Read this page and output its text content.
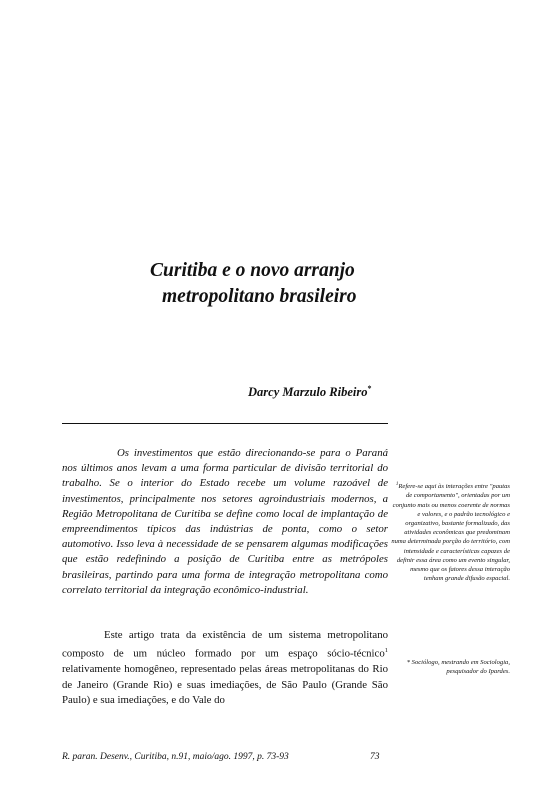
Curitiba e o novo arranjo
metropolitano brasileiro
Darcy Marzulo Ribeiro*

Os investimentos que estão direcionando-se para o Paraná nos últimos anos levam a uma forma particular de divisão territorial do trabalho. Se o interior do Estado recebe um volume razoável de investimentos, principalmente nos setores agroindustriais modernos, a Região Metropolitana de Curitiba se define como local de implantação de empreendimentos típicos das indústrias de ponta, como o setor automotivo. Isso leva à necessidade de se pensarem algumas modificações que estão redefinindo a posição de Curitiba entre as metrópoles brasileiras, partindo para uma forma de integração metropolitana como correlato territorial da integração econômico-industrial.

Este artigo trata da existência de um sistema metropolitano composto de um núcleo formado por um espaço sócio-técnico$^1$ relativamente homogêneo, representado pelas áreas metropolitanas do Rio de Janeiro (Grande Rio) e suas imediações, de São Paulo (Grande São Paulo) e sua imediações, e do Vale do

$^1$Refere-se aqui às interações entre "pautas de comportamento", orientadas por um conjunto mais ou menos coerente de normas e valores, e o padrão tecnológico e organizativo, bastante formalizado, das atividades econômicas que predominam numa determinada porção do território, com intensidade e características capazes de definir essa área como um evento singular, mesmo que os fatores dessa interação tenham grande difusão espacial.

* Sociólogo, mestrando em Sociologia, pesquisador do Ipardes.

R. paran. Desenv., Curitiba, n.91, maio/ago. 1997, p. 73-93	73
